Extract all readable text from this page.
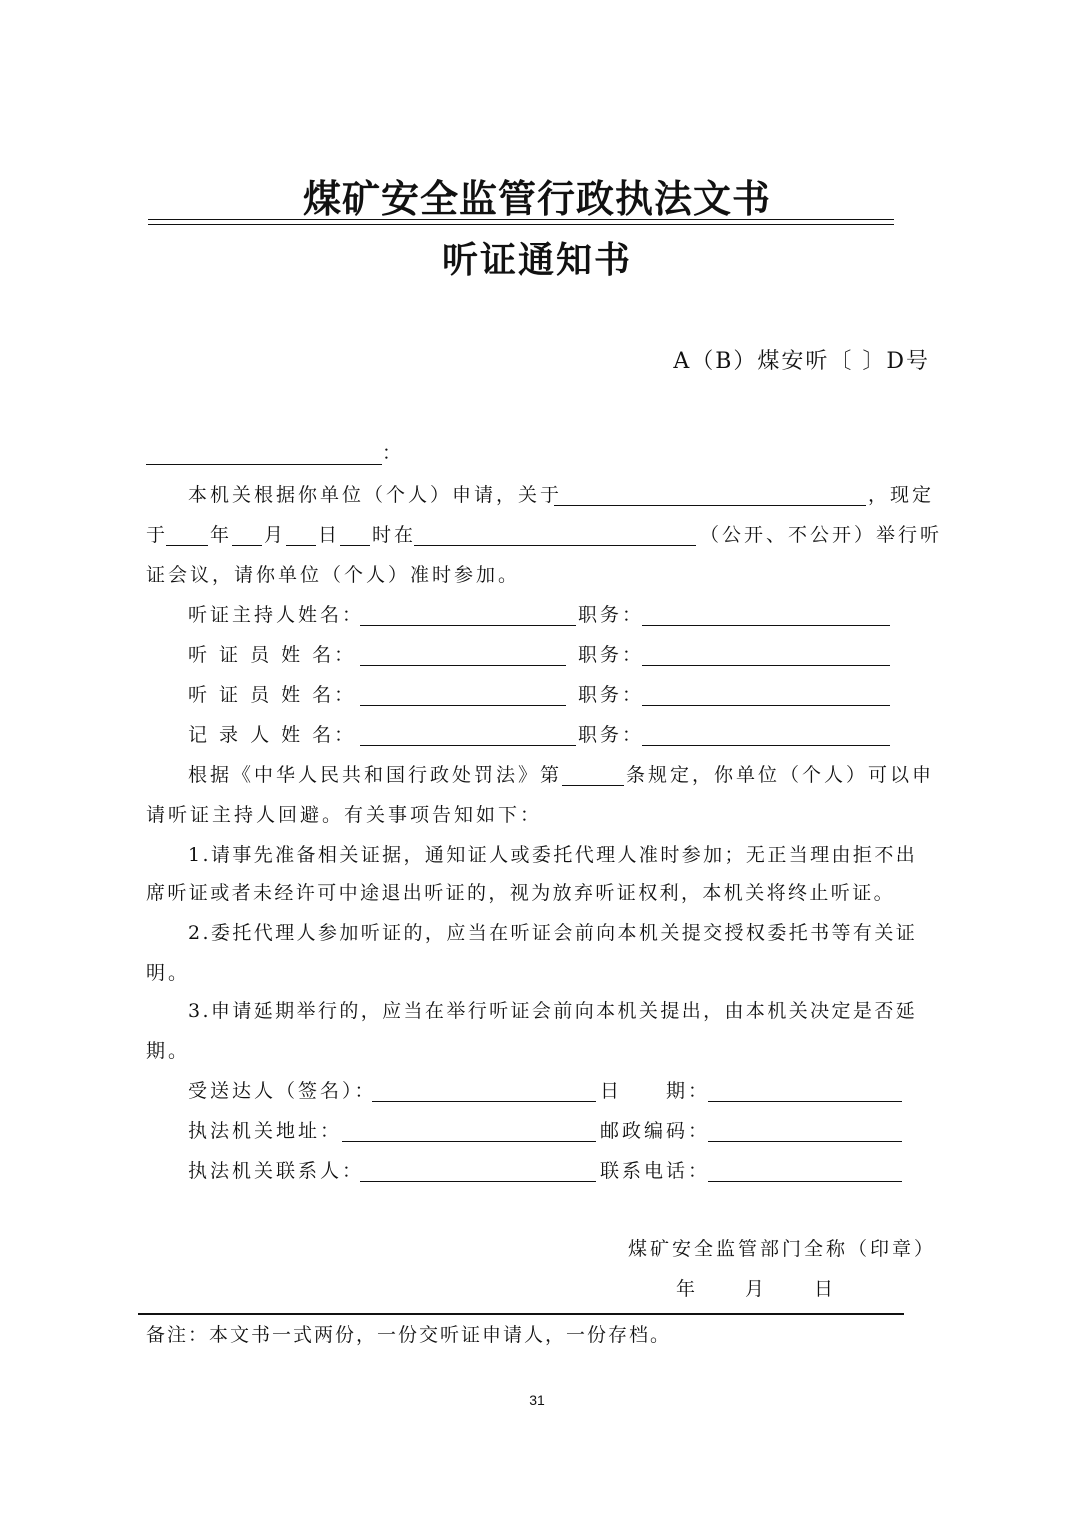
煤矿安全监管行政执法文书
听证通知书
A（B）煤安听〔 〕D号
：
本机关根据你单位（个人）申请，关于	，现定
于 年 月 日 时在	（公开、不公开）举行听
证会议，请你单位（个人）准时参加。
听证主持人姓名：	职务：
听 证 员 姓 名：	职务：
听 证 员 姓 名：	职务：
记 录 人 姓 名：	职务：
根据《中华人民共和国行政处罚法》第	条规定，你单位（个人）可以申
请听证主持人回避。有关事项告知如下：
1.请事先准备相关证据，通知证人或委托代理人准时参加；无正当理由拒不出
席听证或者未经许可中途退出听证的，视为放弃听证权利，本机关将终止听证。
2.委托代理人参加听证的，应当在听证会前向本机关提交授权委托书等有关证
明。
3.申请延期举行的，应当在举行听证会前向本机关提出，由本机关决定是否延
期。
受送达人（签名）：	日　　期：
执法机关地址：	邮政编码：
执法机关联系人：	联系电话：
煤矿安全监管部门全称（印章）
年　　月　　日
备注：本文书一式两份，一份交听证申请人，一份存档。
31
